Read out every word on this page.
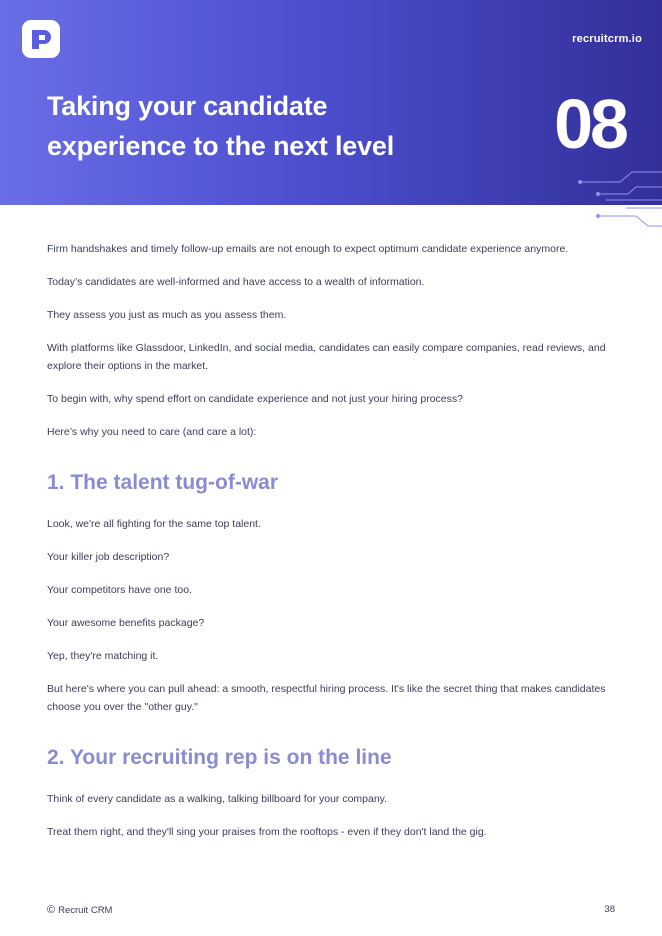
recruitcrm.io
Taking your candidate experience to the next level	08

Firm handshakes and timely follow-up emails are not enough to expect optimum candidate experience anymore.

Today’s candidates are well-informed and have access to a wealth of information.

They assess you just as much as you assess them.

With platforms like Glassdoor, LinkedIn, and social media, candidates can easily compare companies, read reviews, and explore their options in the market.

To begin with, why spend effort on candidate experience and not just your hiring process?

Here’s why you need to care (and care a lot):

1. The talent tug-of-war

Look, we're all fighting for the same top talent.

Your killer job description?

Your competitors have one too.

Your awesome benefits package?

Yep, they're matching it.

But here's where you can pull ahead: a smooth, respectful hiring process. It's like the secret thing that makes candidates choose you over the "other guy."

2. Your recruiting rep is on the line

Think of every candidate as a walking, talking billboard for your company.

Treat them right, and they'll sing your praises from the rooftops - even if they don't land the gig.

© Recruit CRM	38
